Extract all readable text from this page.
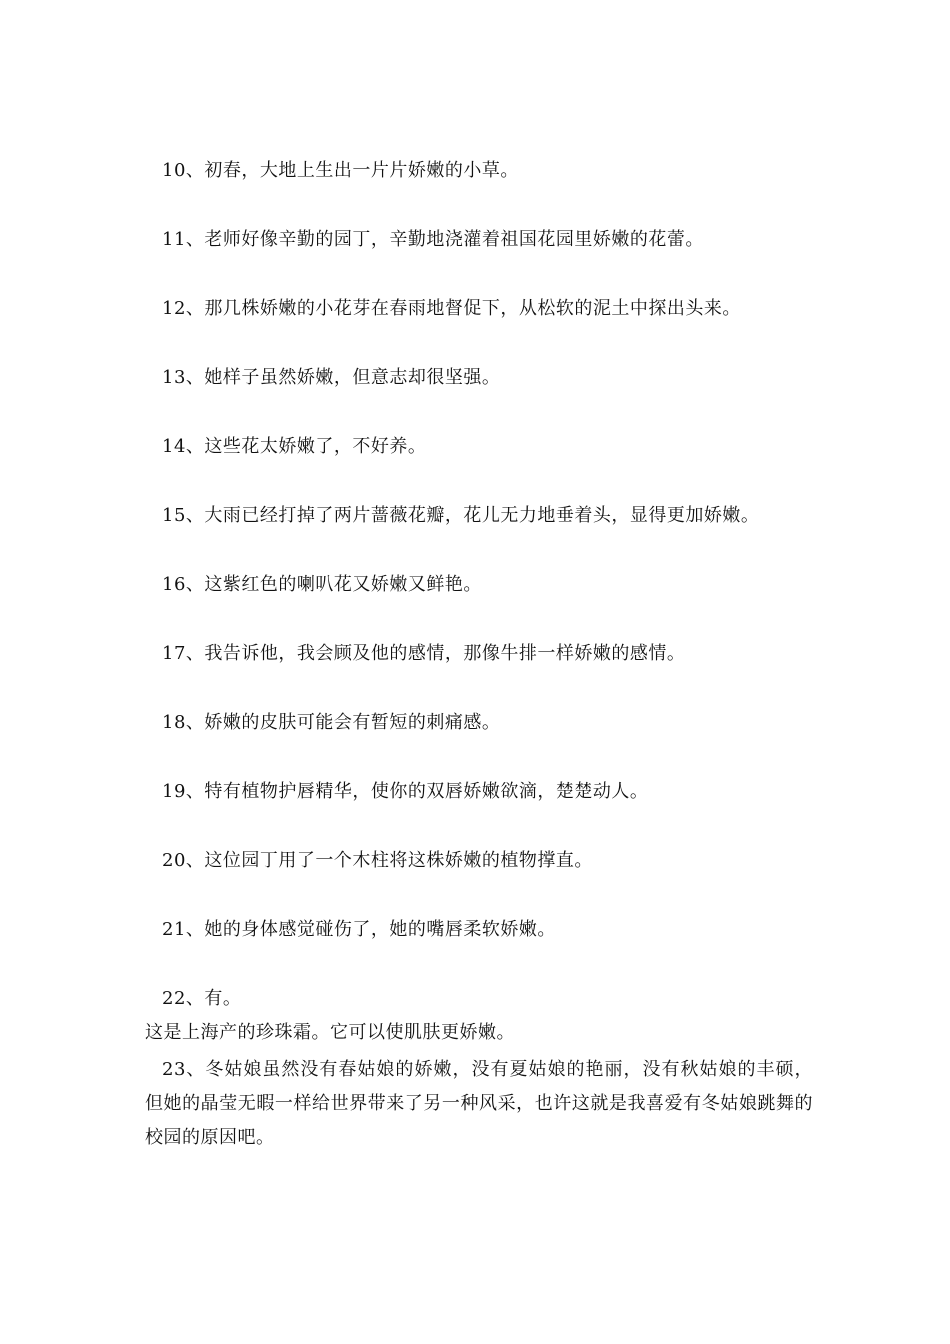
10、初春，大地上生出一片片娇嫩的小草。
11、老师好像辛勤的园丁，辛勤地浇灌着祖国花园里娇嫩的花蕾。
12、那几株娇嫩的小花芽在春雨地督促下，从松软的泥土中探出头来。
13、她样子虽然娇嫩，但意志却很坚强。
14、这些花太娇嫩了，不好养。
15、大雨已经打掉了两片蔷薇花瓣，花儿无力地垂着头，显得更加娇嫩。
16、这紫红色的喇叭花又娇嫩又鲜艳。
17、我告诉他，我会顾及他的感情，那像牛排一样娇嫩的感情。
18、娇嫩的皮肤可能会有暂短的刺痛感。
19、特有植物护唇精华，使你的双唇娇嫩欲滴，楚楚动人。
20、这位园丁用了一个木柱将这株娇嫩的植物撑直。
21、她的身体感觉碰伤了，她的嘴唇柔软娇嫩。
22、有。
这是上海产的珍珠霜。它可以使肌肤更娇嫩。
23、冬姑娘虽然没有春姑娘的娇嫩，没有夏姑娘的艳丽，没有秋姑娘的丰硕，但她的晶莹无暇一样给世界带来了另一种风采，也许这就是我喜爱有冬姑娘跳舞的校园的原因吧。
